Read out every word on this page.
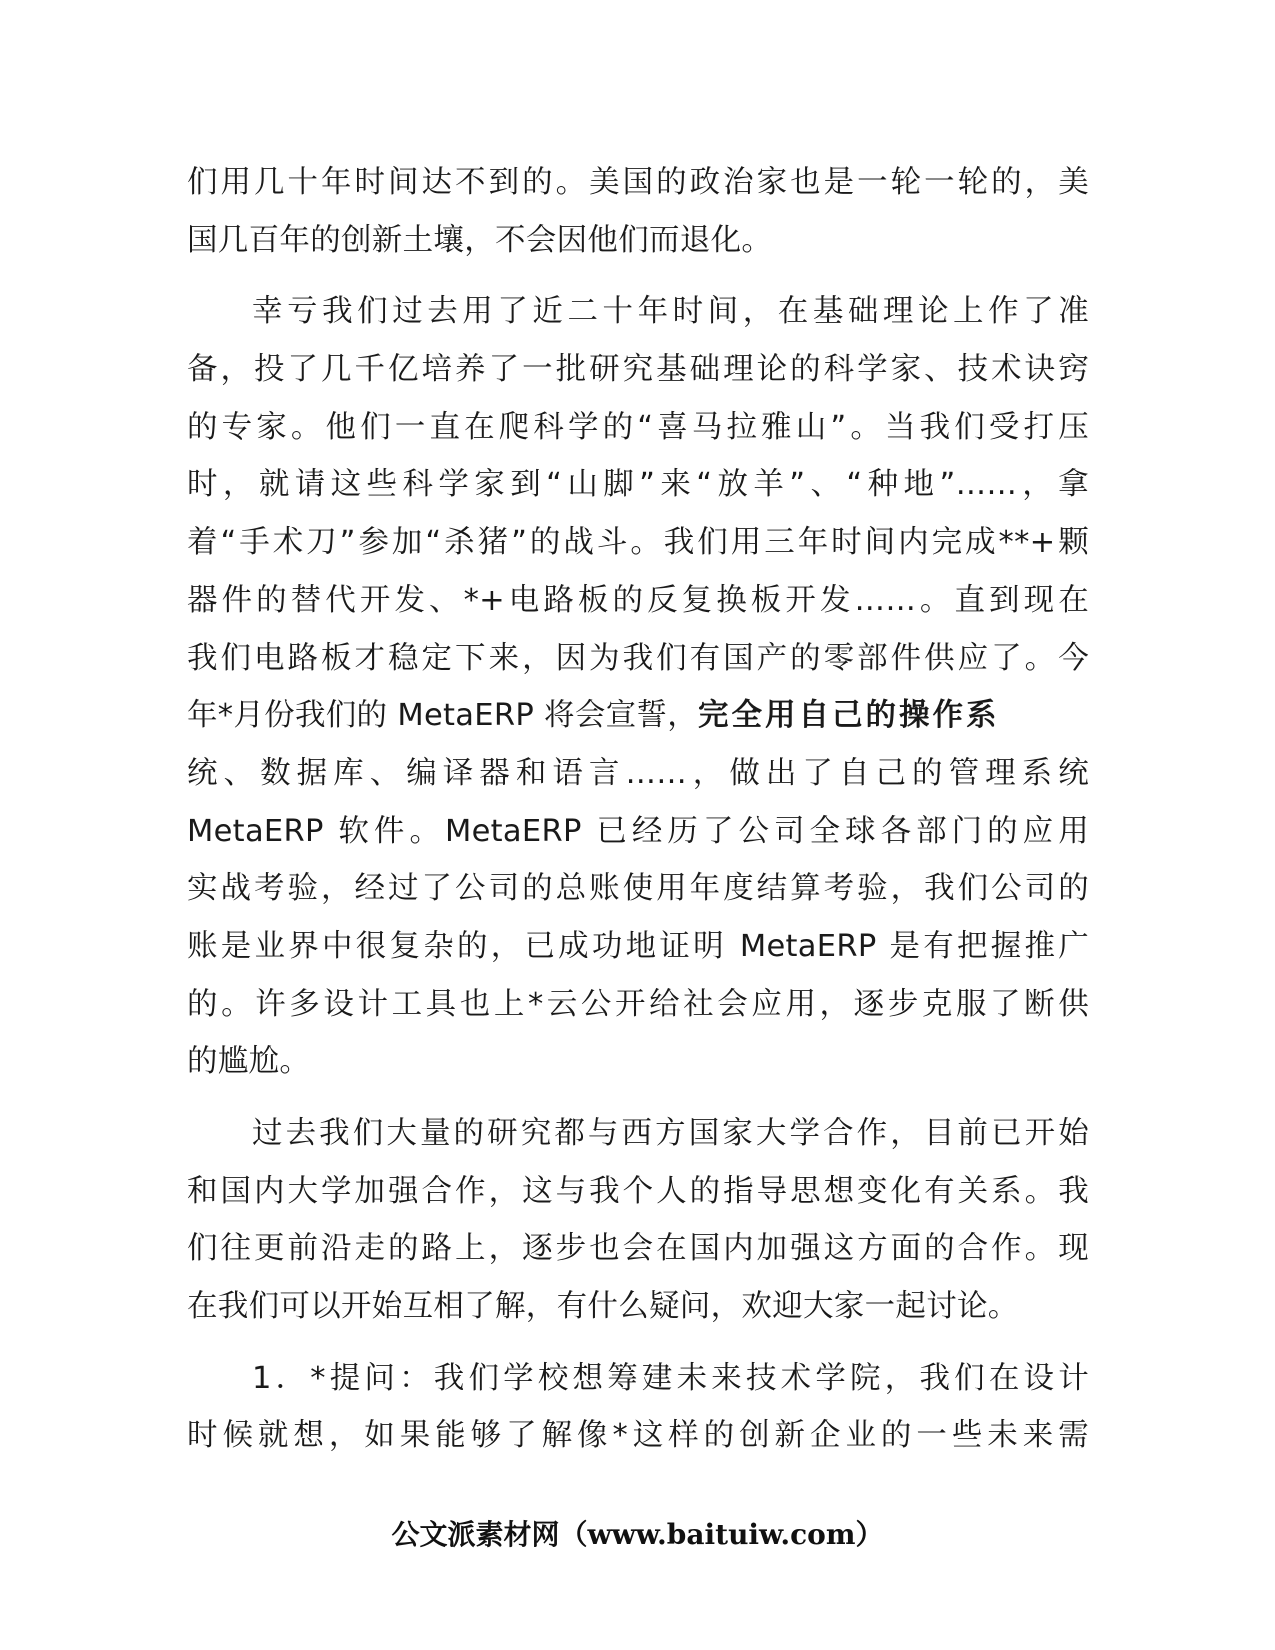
们用几十年时间达不到的。美国的政治家也是一轮一轮的，美
国几百年的创新土壤，不会因他们而退化。
幸亏我们过去用了近二十年时间，在基础理论上作了准
备，投了几千亿培养了一批研究基础理论的科学家、技术诀窍
的专家。他们一直在爬科学的“喜马拉雅山”。当我们受打压
时，就请这些科学家到“山脚”来“放羊”、“种地”……，拿
着“手术刀”参加“杀猪”的战斗。我们用三年时间内完成**+颗
器件的替代开发、*+电路板的反复换板开发……。直到现在
我们电路板才稳定下来，因为我们有国产的零部件供应了。今
年*月份我们的 MetaERP 将会宣誓，完全用自己的操作系
统、数据库、编译器和语言……，做出了自己的管理系统
MetaERP 软件。MetaERP 已经历了公司全球各部门的应用
实战考验，经过了公司的总账使用年度结算考验，我们公司的
账是业界中很复杂的，已成功地证明 MetaERP 是有把握推广
的。许多设计工具也上*云公开给社会应用，逐步克服了断供
的尴尬。
过去我们大量的研究都与西方国家大学合作，目前已开始
和国内大学加强合作，这与我个人的指导思想变化有关系。我
们往更前沿走的路上，逐步也会在国内加强这方面的合作。现
在我们可以开始互相了解，有什么疑问，欢迎大家一起讨论。
1．*提问：我们学校想筹建未来技术学院，我们在设计
时候就想，如果能够了解像*这样的创新企业的一些未来需
公文派素材网（www.baituiw.com）
